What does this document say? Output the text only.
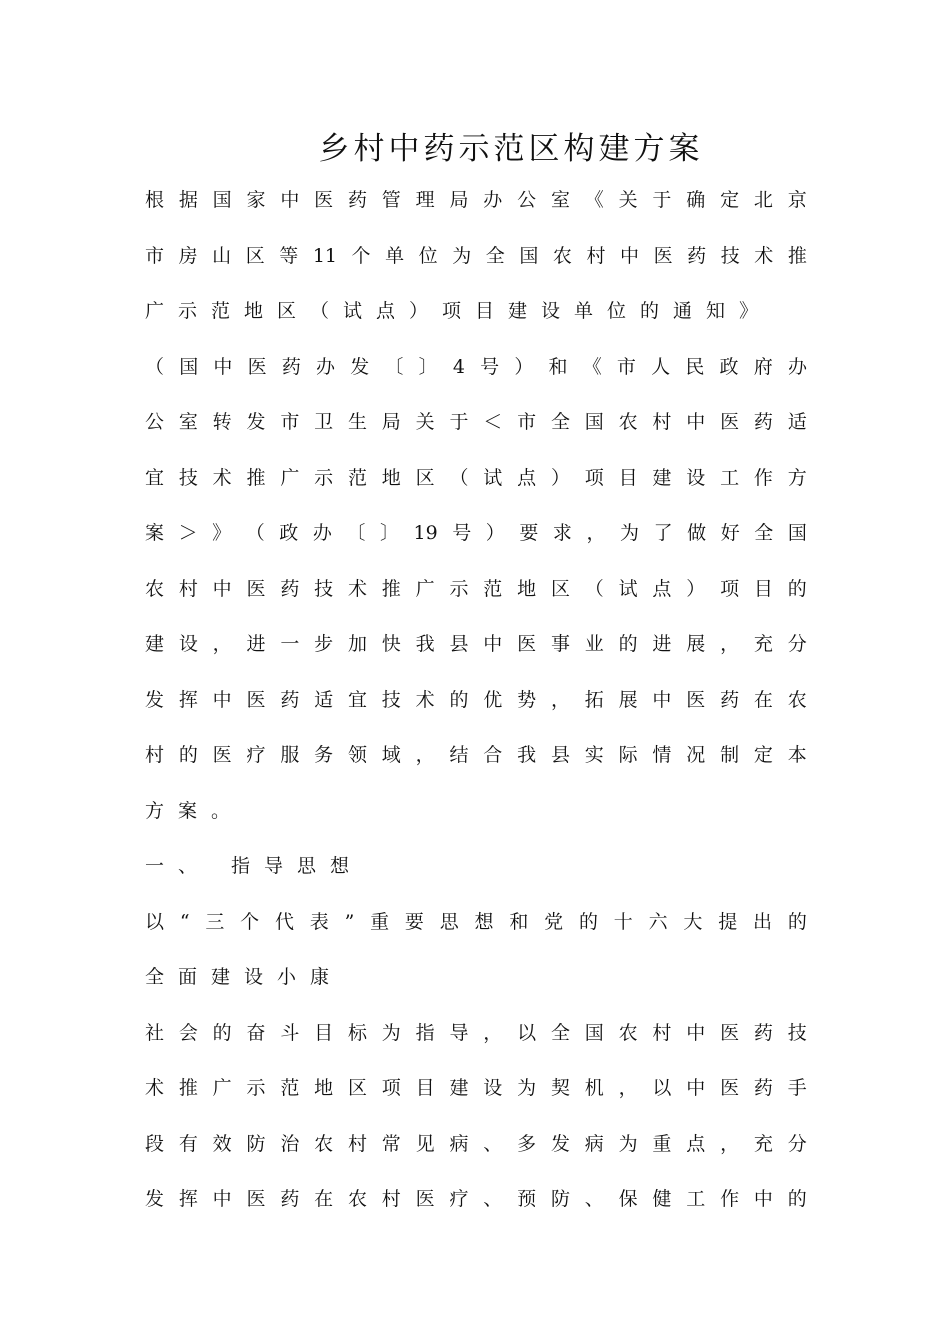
乡村中药示范区构建方案
根 据 国 家 中 医 药 管 理 局 办 公 室 《 关 于 确 定 北 京
市 房 山 区 等 11 个 单 位 为 全 国 农 村 中 医 药 技 术 推
广示范地区（试点）项目建设单位的通知》
（ 国 中 医 药 办 发 〔 〕 4 号 ） 和 《 市 人 民 政 府 办
公 室 转 发 市 卫 生 局 关 于 ＜ 市 全 国 农 村 中 医 药 适
宜 技 术 推 广 示 范 地 区 （ 试 点 ） 项 目 建 设 工 作 方
案 ＞ 》 （ 政 办 〔 〕 19 号 ） 要 求 ， 为 了 做 好 全 国
农 村 中 医 药 技 术 推 广 示 范 地 区 （ 试 点 ） 项 目 的
建 设 ， 进 一 步 加 快 我 县 中 医 事 业 的 进 展 ， 充 分
发 挥 中 医 药 适 宜 技 术 的 优 势 ， 拓 展 中 医 药 在 农
村 的 医 疗 服 务 领 域 ， 结 合 我 县 实 际 情 况 制 定 本
方案。
一、 指导思想
以 “ 三 个 代 表 ” 重 要 思 想 和 党 的 十 六 大 提 出 的
全面建设小康
社 会 的 奋 斗 目 标 为 指 导 ， 以 全 国 农 村 中 医 药 技
术 推 广 示 范 地 区 项 目 建 设 为 契 机 ， 以 中 医 药 手
段 有 效 防 治 农 村 常 见 病 、 多 发 病 为 重 点 ， 充 分
发 挥 中 医 药 在 农 村 医 疗 、 预 防 、 保 健 工 作 中 的
